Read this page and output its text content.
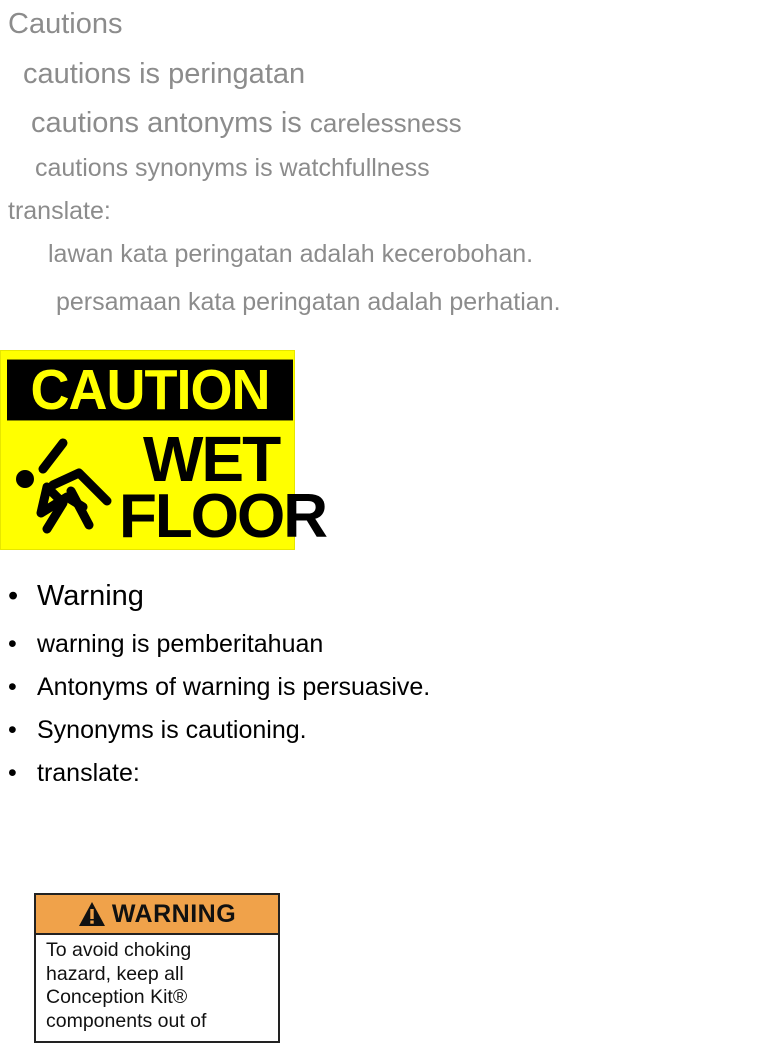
Cautions
cautions is peringatan
cautions antonyms is carelessness
cautions synonyms is watchfullness
translate:
lawan kata peringatan adalah kecerobohan.
persamaan kata peringatan adalah perhatian.
CAUTION
WET
FLOOR
• Warning
• warning is pemberitahuan
• Antonyms of warning is persuasive.
• Synonyms is cautioning.
• translate:
WARNING
To avoid choking
hazard, keep all
Conception Kit®
components out of
